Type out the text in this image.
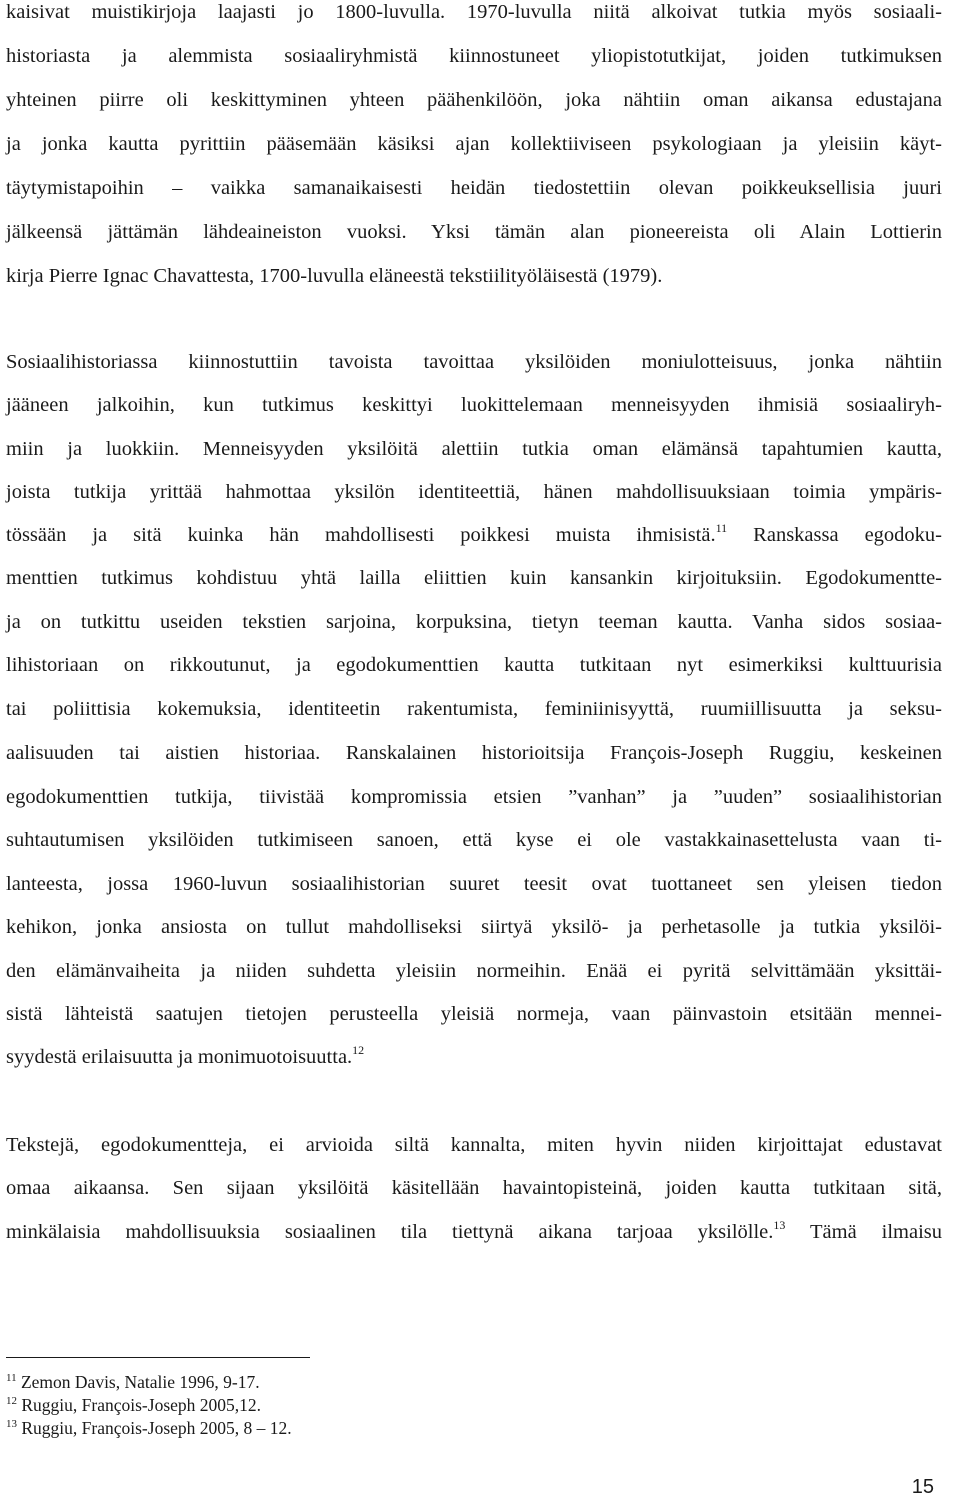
kaisivat muistikirjoja laajasti jo 1800-luvulla. 1970-luvulla niitä alkoivat tutkia myös sosiaali-
historiasta ja alemmista sosiaaliryhmistä kiinnostuneet yliopistotutkijat, joiden tutkimuksen
yhteinen piirre oli keskittyminen yhteen päähenkilöön, joka nähtiin oman aikansa edustajana
ja jonka kautta pyrittiin pääsemään käsiksi ajan kollektiiviseen psykologiaan ja yleisiin käyt-
täytymistapoihin – vaikka samanaikaisesti heidän tiedostettiin olevan poikkeuksellisia juuri
jälkeensä jättämän lähdeaineiston vuoksi. Yksi tämän alan pioneereista oli Alain Lottierin
kirja Pierre Ignac Chavattesta, 1700-luvulla eläneestä tekstiilityöläisestä (1979).
Sosiaalihistoriassa kiinnostuttiin tavoista tavoittaa yksilöiden moniulotteisuus, jonka nähtiin
jääneen jalkoihin, kun tutkimus keskittyi luokittelemaan menneisyyden ihmisiä sosiaaliryh-
miin ja luokkiin. Menneisyyden yksilöitä alettiin tutkia oman elämänsä tapahtumien kautta,
joista tutkija yrittää hahmottaa yksilön identiteettiä, hänen mahdollisuuksiaan toimia ympäris-
tössään ja sitä kuinka hän mahdollisesti poikkesi muista ihmisistä.$^{11}$ Ranskassa egodoku-
menttien tutkimus kohdistuu yhtä lailla eliittien kuin kansankin kirjoituksiin. Egodokumentte-
ja on tutkittu useiden tekstien sarjoina, korpuksina, tietyn teeman kautta. Vanha sidos sosiaa-
lihistoriaan on rikkoutunut, ja egodokumenttien kautta tutkitaan nyt esimerkiksi kulttuurisia
tai poliittisia kokemuksia, identiteetin rakentumista, feminiinisyyttä, ruumiillisuutta ja seksu-
aalisuuden tai aistien historiaa. Ranskalainen historioitsija François-Joseph Ruggiu, keskeinen
egodokumenttien tutkija, tiivistää kompromissia etsien ”vanhan” ja ”uuden” sosiaalihistorian
suhtautumisen yksilöiden tutkimiseen sanoen, että kyse ei ole vastakkainasettelusta vaan ti-
lanteesta, jossa 1960-luvun sosiaalihistorian suuret teesit ovat tuottaneet sen yleisen tiedon
kehikon, jonka ansiosta on tullut mahdolliseksi siirtyä yksilö- ja perhetasolle ja tutkia yksilöi-
den elämänvaiheita ja niiden suhdetta yleisiin normeihin. Enää ei pyritä selvittämään yksittäi-
sistä lähteistä saatujen tietojen perusteella yleisiä normeja, vaan päinvastoin etsitään mennei-
syydestä erilaisuutta ja monimuotoisuutta.$^{12}$
Tekstejä, egodokumentteja, ei arvioida siltä kannalta, miten hyvin niiden kirjoittajat edustavat
omaa aikaansa. Sen sijaan yksilöitä käsitellään havaintopisteinä, joiden kautta tutkitaan sitä,
minkälaisia mahdollisuuksia sosiaalinen tila tiettynä aikana tarjoaa yksilölle.$^{13}$ Tämä ilmaisu
$^{11}$ Zemon Davis, Natalie 1996, 9-17.
$^{12}$ Ruggiu, François-Joseph 2005,12.
$^{13}$ Ruggiu, François-Joseph 2005, 8 – 12.
15
